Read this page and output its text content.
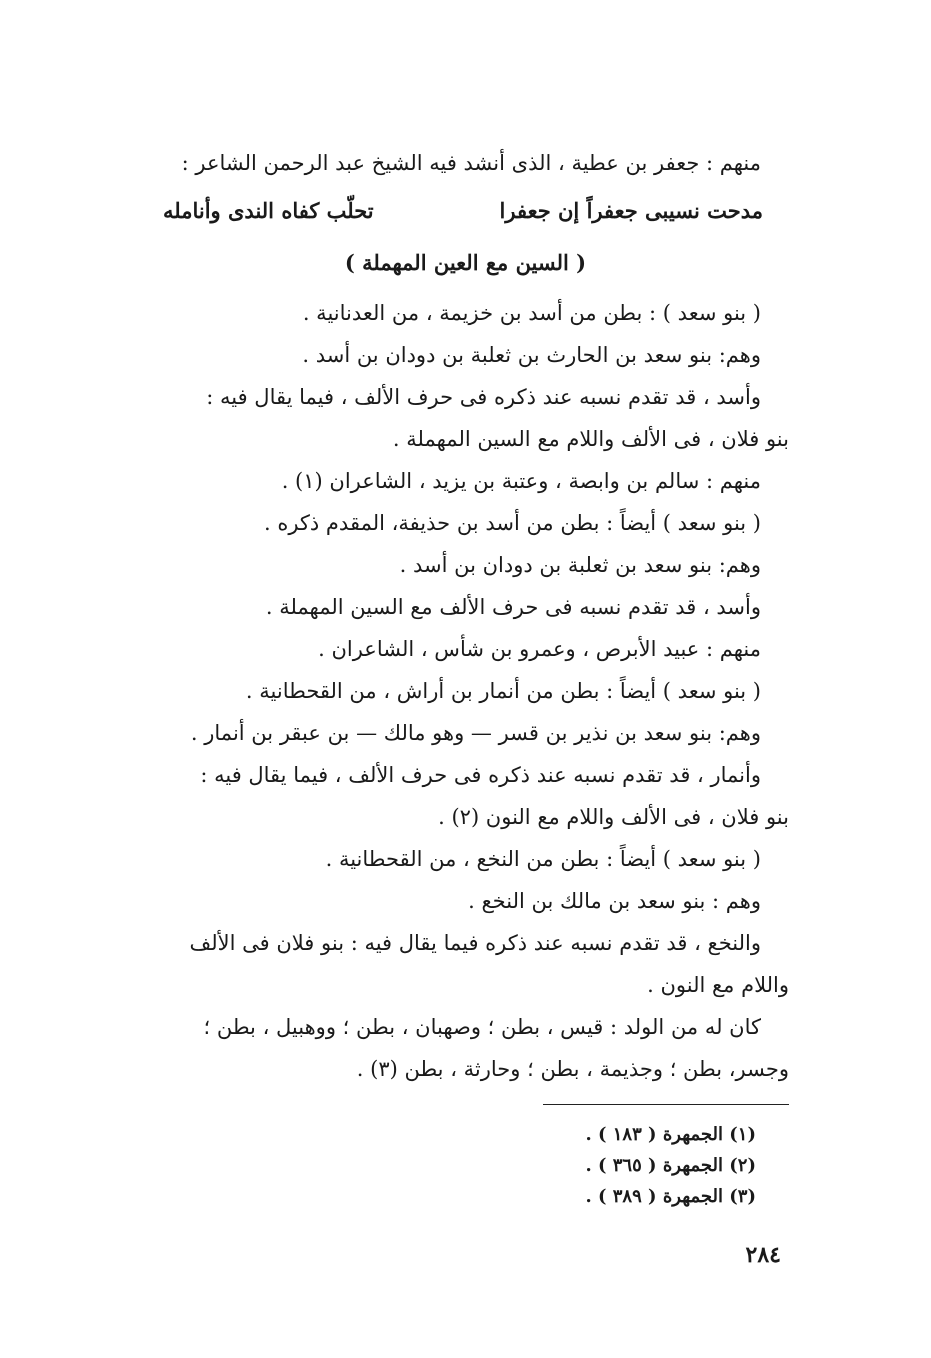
منهم : جعفر بن عطية ، الذى أنشد فيه الشيخ عبد الرحمن الشاعر :
مدحت نسيبى جعفراً إن جعفرا
تحلّب كفاه الندى وأنامله
( السين مع العين المهملة )
( بنو سعد ) : بطن من أسد بن خزيمة ، من العدنانية .
وهم: بنو سعد بن الحارث بن ثعلبة بن دودان بن أسد .
وأسد ، قد تقدم نسبه عند ذكره فى حرف الألف ، فيما يقال فيه :
بنو فلان ، فى الألف واللام مع السين المهملة .
منهم : سالم بن وابصة ، وعتبة بن يزيد ، الشاعران (١) .
( بنو سعد ) أيضاً : بطن من أسد بن حذيفة، المقدم ذكره .
وهم: بنو سعد بن ثعلبة بن دودان بن أسد .
وأسد ، قد تقدم نسبه فى حرف الألف مع السين المهملة .
منهم : عبيد الأبرص ، وعمرو بن شأس ، الشاعران .
( بنو سعد ) أيضاً : بطن من أنمار بن أراش ، من القحطانية .
وهم: بنو سعد بن نذير بن قسر — وهو مالك — بن عبقر بن أنمار .
وأنمار ، قد تقدم نسبه عند ذكره فى حرف الألف ، فيما يقال فيه :
بنو فلان ، فى الألف واللام مع النون (٢) .
( بنو سعد ) أيضاً : بطن من النخع ، من القحطانية .
وهم : بنو سعد بن مالك بن النخع .
والنخع ، قد تقدم نسبه عند ذكره فيما يقال فيه : بنو فلان فى الألف
واللام مع النون .
كان له من الولد : قيس ، بطن ؛ وصهبان ، بطن ؛ ووهبيل ، بطن ؛
وجسر، بطن ؛ وجذيمة ، بطن ؛ وحارثة ، بطن (٣) .
(١) الجمهرة ( ١٨٣ ) .
(٢) الجمهرة ( ٣٦٥ ) .
(٣) الجمهرة ( ٣٨٩ ) .
٢٨٤
